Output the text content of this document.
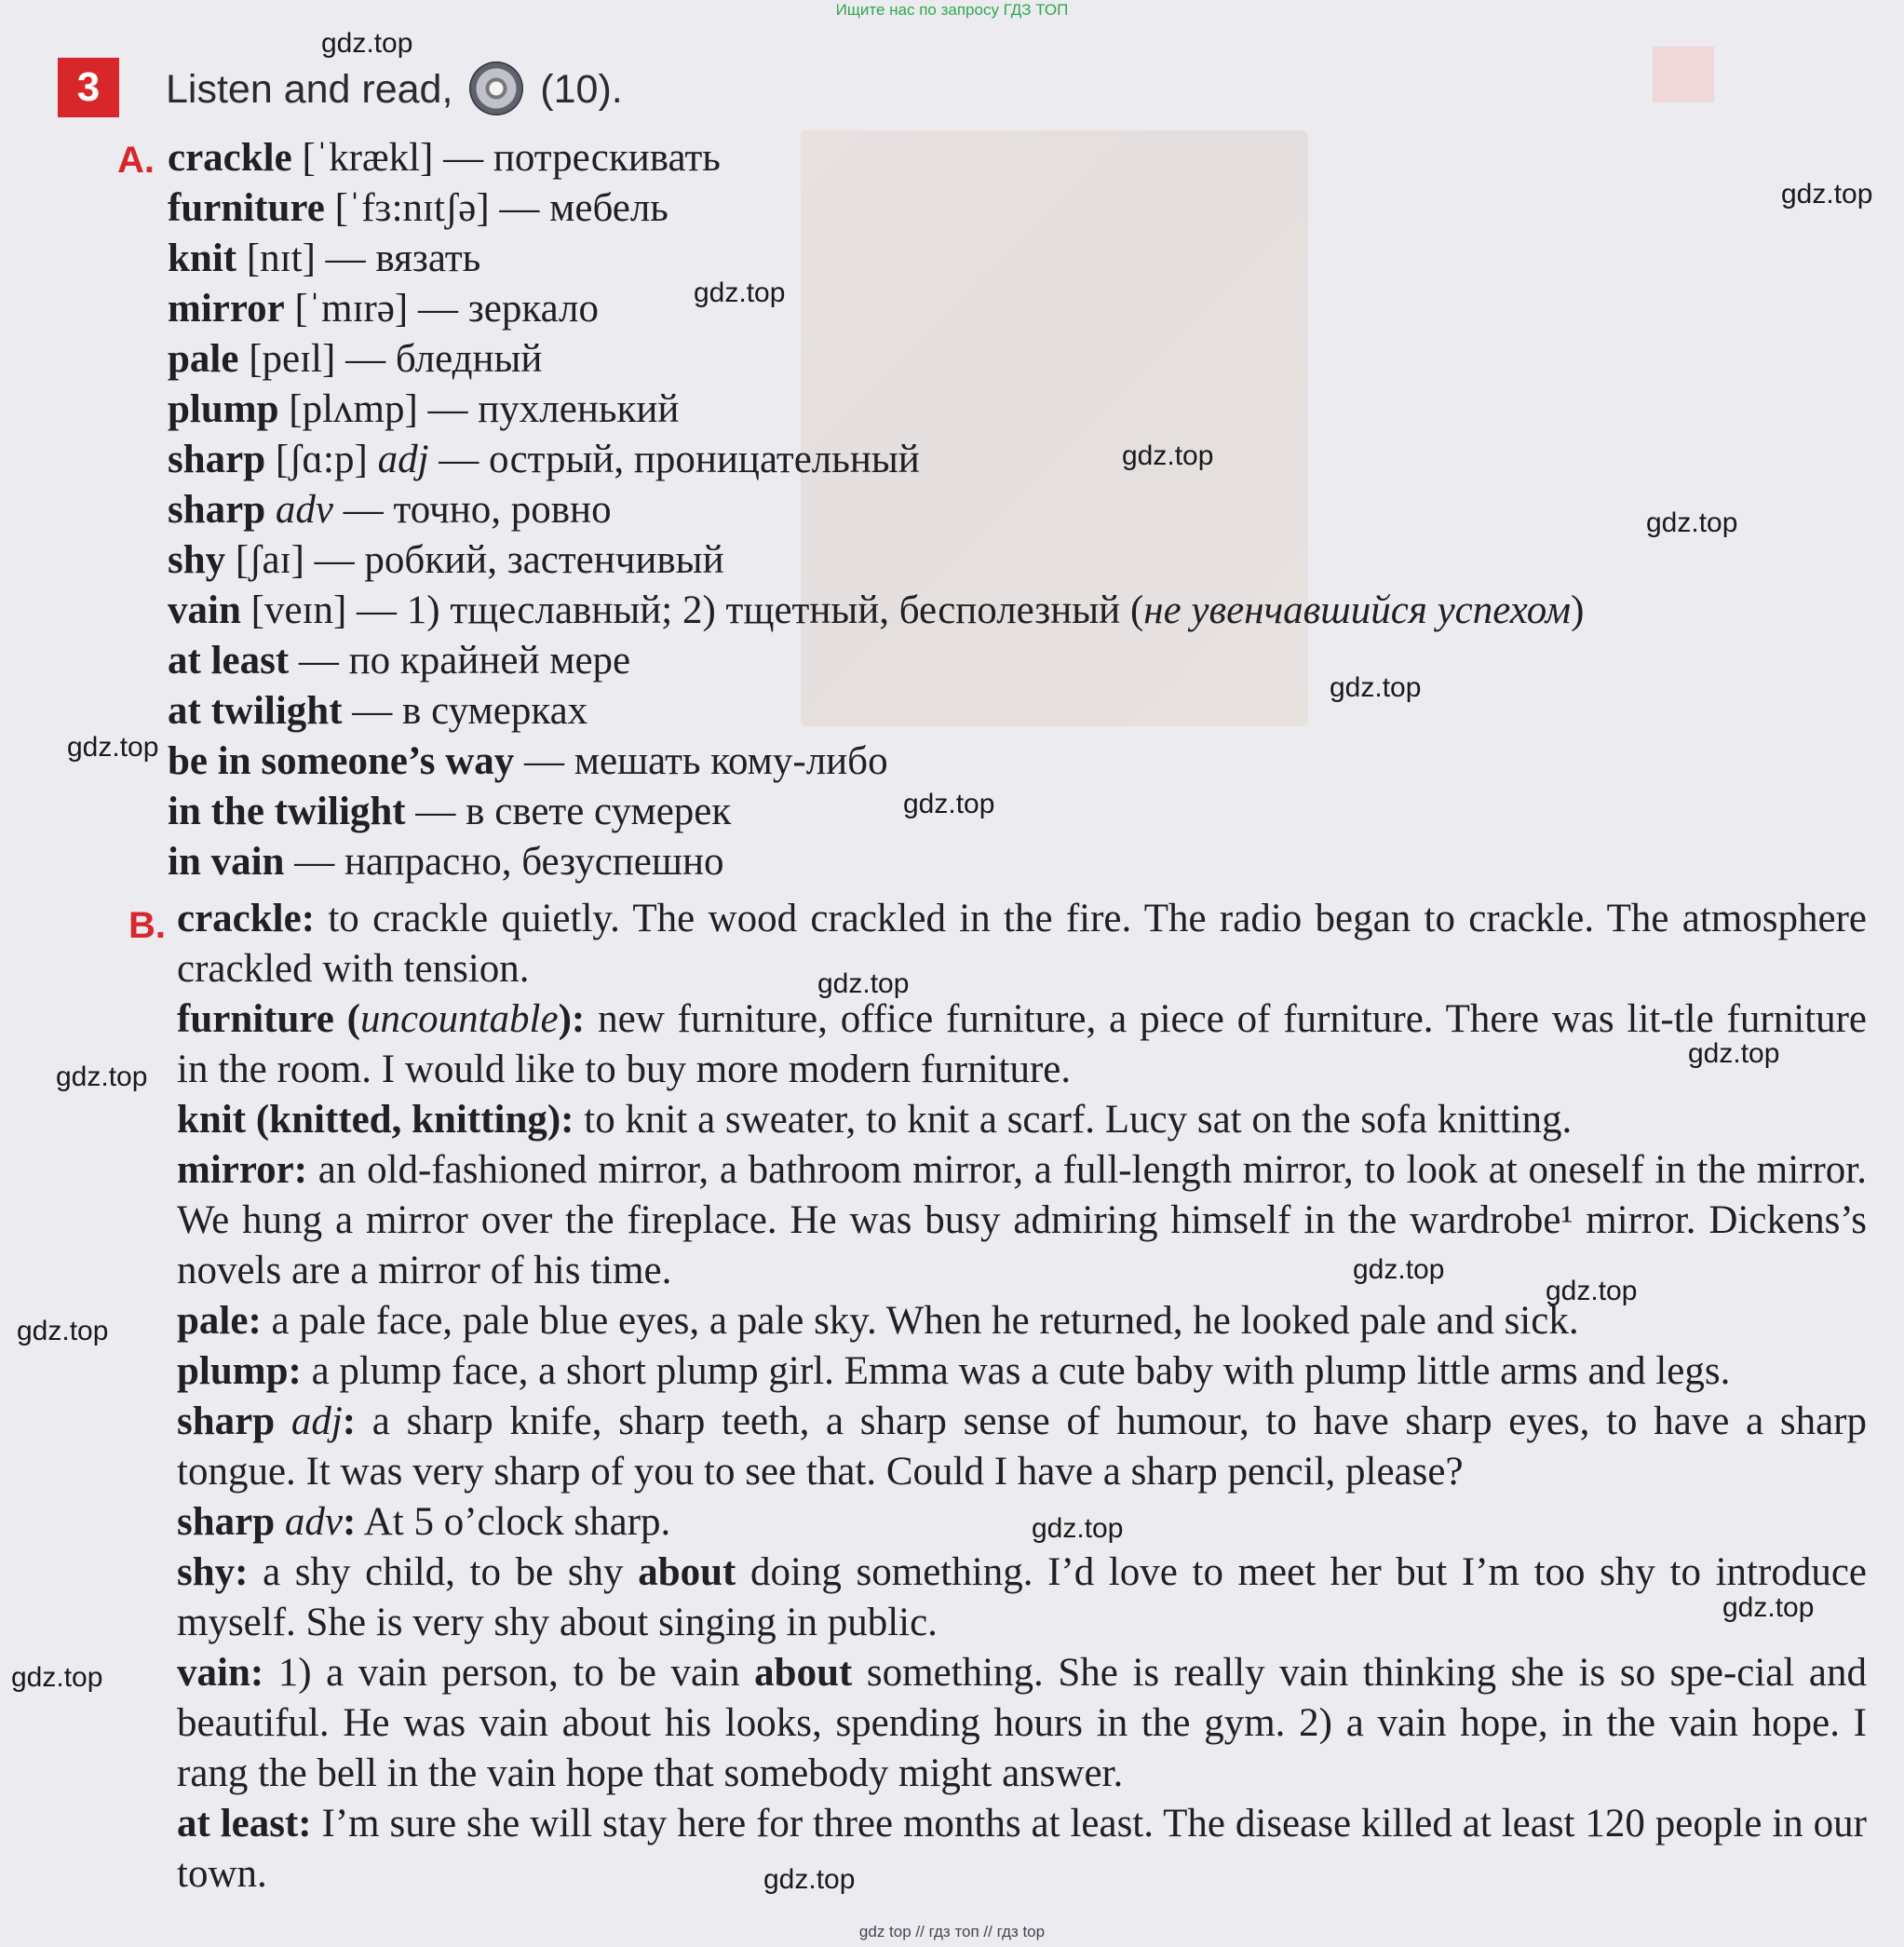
Ищите нас по запросу ГДЗ ТОП
3	Listen and read, (10).
A. crackle [ˈkrækl] — потрескивать
furniture [ˈfɜ:nɪtʃə] — мебель
knit [nɪt] — вязать
mirror [ˈmɪrə] — зеркало
pale [peɪl] — бледный
plump [plʌmp] — пухленький
sharp [ʃɑ:p] adj — острый, проницательный
sharp adv — точно, ровно
shy [ʃaɪ] — робкий, застенчивый
vain [veɪn] — 1) тщеславный; 2) тщетный, бесполезный (не увенчавшийся успехом)
at least — по крайней мере
at twilight — в сумерках
be in someone’s way — мешать кому-либо
in the twilight — в свете сумерек
in vain — напрасно, безуспешно
B. crackle: to crackle quietly. The wood crackled in the fire. The radio began to crackle. The atmosphere crackled with tension.
furniture (uncountable): new furniture, office furniture, a piece of furniture. There was lit-tle furniture in the room. I would like to buy more modern furniture.
knit (knitted, knitting): to knit a sweater, to knit a scarf. Lucy sat on the sofa knitting.
mirror: an old-fashioned mirror, a bathroom mirror, a full-length mirror, to look at oneself in the mirror. We hung a mirror over the fireplace. He was busy admiring himself in the wardrobe¹ mirror. Dickens’s novels are a mirror of his time.
pale: a pale face, pale blue eyes, a pale sky. When he returned, he looked pale and sick.
plump: a plump face, a short plump girl. Emma was a cute baby with plump little arms and legs.
sharp adj: a sharp knife, sharp teeth, a sharp sense of humour, to have sharp eyes, to have a sharp tongue. It was very sharp of you to see that. Could I have a sharp pencil, please?
sharp adv: At 5 o’clock sharp.
shy: a shy child, to be shy about doing something. I’d love to meet her but I’m too shy to introduce myself. She is very shy about singing in public.
vain: 1) a vain person, to be vain about something. She is really vain thinking she is so spe-cial and beautiful. He was vain about his looks, spending hours in the gym. 2) a vain hope, in the vain hope. I rang the bell in the vain hope that somebody might answer.
at least: I’m sure she will stay here for three months at least. The disease killed at least 120 people in our town.
gdz.top
gdz.top
gdz.top
gdz.top
gdz.top
gdz.top
gdz.top
gdz.top
gdz.top
gdz.top
gdz.top
gdz.top
gdz.top
gdz.top
gdz.top
gdz.top
gdz.top
gdz.top
gdz top // гдз топ // гдз top
